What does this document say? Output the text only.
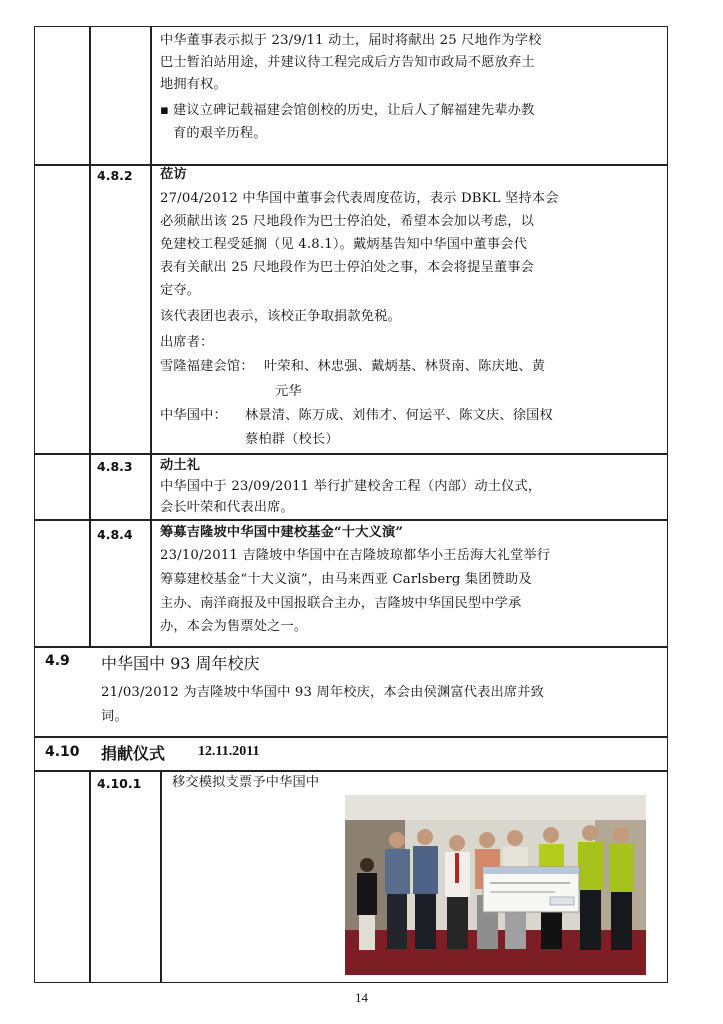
中华董事表示拟于 23/9/11 动土，届时将献出 25 尺地作为学校
巴士暂泊站用途，并建议待工程完成后方告知市政局不愿放弃土
地拥有权。
▪ 建议立碑记载福建会馆创校的历史，让后人了解福建先辈办教
育的艰辛历程。
4.8.2 莅访
27/04/2012 中华国中董事会代表周度莅访，表示 DBKL 坚持本会
必须献出该 25 尺地段作为巴士停泊处，希望本会加以考虑，以
免建校工程受延搁（见 4.8.1）。戴炳基告知中华国中董事会代
表有关献出 25 尺地段作为巴士停泊处之事，本会将提呈董事会
定夺。
该代表团也表示，该校正争取捐款免税。
出席者：
雪隆福建会馆： 叶荣和、林忠强、戴炳基、林贤南、陈庆地、黄
元华
中华国中： 林景清、陈万成、刘伟才、何运平、陈文庆、徐国权
蔡柏群（校长）
4.8.3 动土礼
中华国中于 23/09/2011 举行扩建校舍工程（内部）动土仪式，
会长叶荣和代表出席。
4.8.4 筹募吉隆坡中华国中建校基金“十大义演”
23/10/2011 吉隆坡中华国中在吉隆坡琼都华小王岳海大礼堂举行
筹募建校基金“十大义演”，由马来西亚 Carlsberg 集团赞助及
主办、南洋商报及中国报联合主办，吉隆坡中华国民型中学承
办，本会为售票处之一。
4.9 中华国中 93 周年校庆
21/03/2012 为吉隆坡中华国中 93 周年校庆，本会由侯渊富代表出席并致
词。
4.10 捐献仪式 12.11.2011
4.10.1 移交模拟支票予中华国中
14
